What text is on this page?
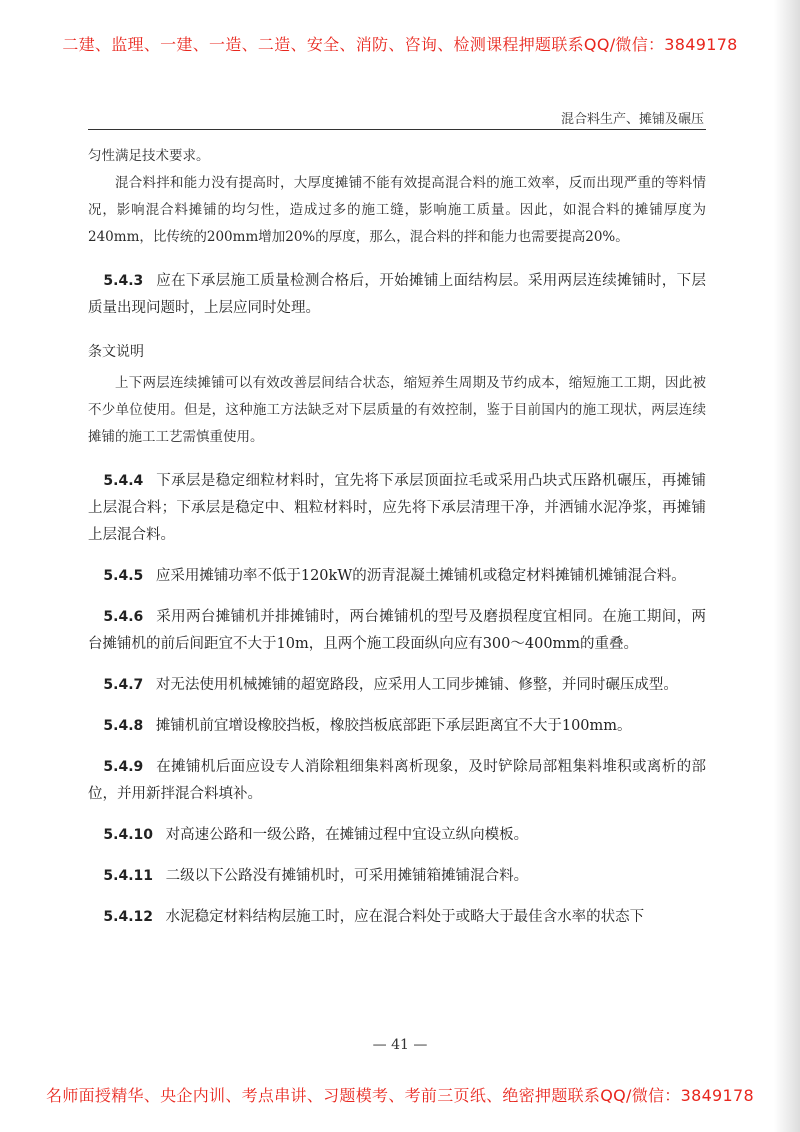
二建、监理、一建、一造、二造、安全、消防、咨询、检测课程押题联系QQ/微信：3849178
混合料生产、摊铺及碾压

匀性满足技术要求。

混合料拌和能力没有提高时，大厚度摊铺不能有效提高混合料的施工效率，反而出现严重的等料情况，影响混合料摊铺的均匀性，造成过多的施工缝，影响施工质量。因此，如混合料的摊铺厚度为240mm，比传统的200mm增加20%的厚度，那么，混合料的拌和能力也需要提高20%。

5.4.3 应在下承层施工质量检测合格后，开始摊铺上面结构层。采用两层连续摊铺时，下层质量出现问题时，上层应同时处理。

条文说明

上下两层连续摊铺可以有效改善层间结合状态，缩短养生周期及节约成本，缩短施工工期，因此被不少单位使用。但是，这种施工方法缺乏对下层质量的有效控制，鉴于目前国内的施工现状，两层连续摊铺的施工工艺需慎重使用。

5.4.4 下承层是稳定细粒材料时，宜先将下承层顶面拉毛或采用凸块式压路机碾压，再摊铺上层混合料；下承层是稳定中、粗粒材料时，应先将下承层清理干净，并洒铺水泥净浆，再摊铺上层混合料。

5.4.5 应采用摊铺功率不低于120kW的沥青混凝土摊铺机或稳定材料摊铺机摊铺混合料。

5.4.6 采用两台摊铺机并排摊铺时，两台摊铺机的型号及磨损程度宜相同。在施工期间，两台摊铺机的前后间距宜不大于10m，且两个施工段面纵向应有300～400mm的重叠。

5.4.7 对无法使用机械摊铺的超宽路段，应采用人工同步摊铺、修整，并同时碾压成型。

5.4.8 摊铺机前宜增设橡胶挡板，橡胶挡板底部距下承层距离宜不大于100mm。

5.4.9 在摊铺机后面应设专人消除粗细集料离析现象，及时铲除局部粗集料堆积或离析的部位，并用新拌混合料填补。

5.4.10 对高速公路和一级公路，在摊铺过程中宜设立纵向模板。

5.4.11 二级以下公路没有摊铺机时，可采用摊铺箱摊铺混合料。

5.4.12 水泥稳定材料结构层施工时，应在混合料处于或略大于最佳含水率的状态下

— 41 —
名师面授精华、央企内训、考点串讲、习题模考、考前三页纸、绝密押题联系QQ/微信：3849178
